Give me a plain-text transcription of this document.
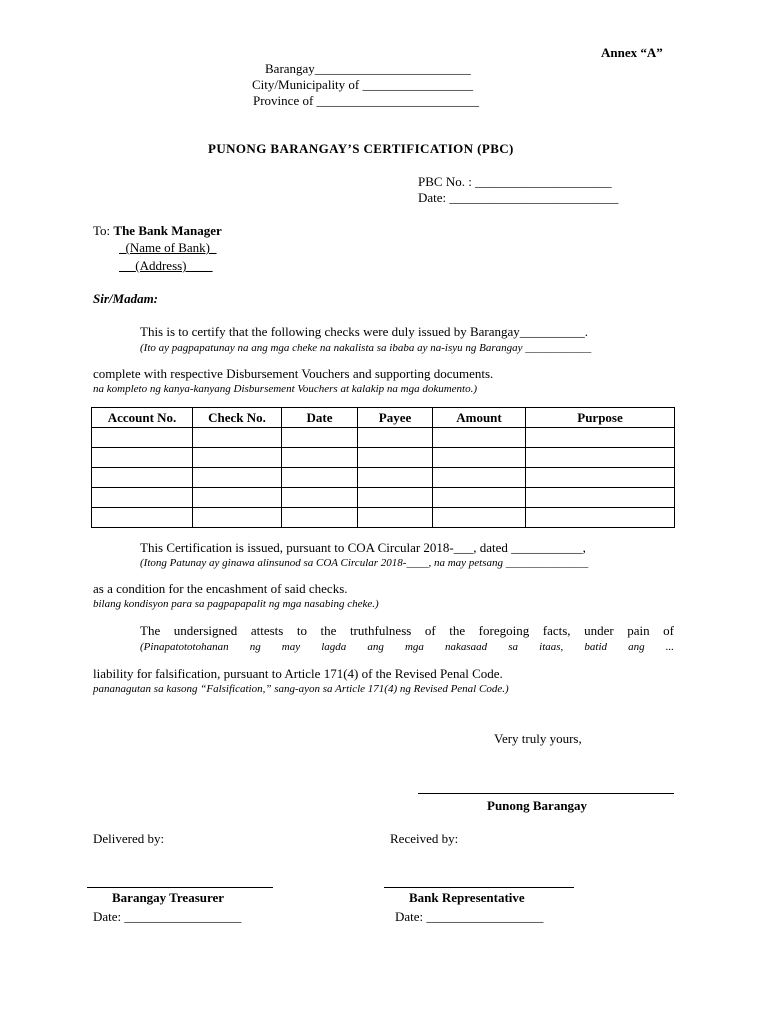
Annex “A”
Barangay________________________
City/Municipality of _________________
Province of _________________________
PUNONG BARANGAY’S CERTIFICATION (PBC)
PBC No. : _____________________
Date: __________________________
To: The Bank Manager
(Name of Bank)_
(Address)____
Sir/Madam:
This is to certify that the following checks were duly issued by Barangay__________.
(Ito ay pagpapatunay na ang mga cheke na nakalista sa ibaba ay na-isyu ng Barangay ____________
complete with respective Disbursement Vouchers and supporting documents.
na kompleto ng kanya-kanyang Disbursement Vouchers at kalakip na mga dokumento.)
Account No.	Check No.	Date	Payee	Amount	Purpose

This Certification is issued, pursuant to COA Circular 2018-___, dated ___________,
(Itong Patunay ay ginawa alinsunod sa COA Circular 2018-____, na may petsang _______________
as a condition for the encashment of said checks.
bilang kondisyon para sa pagpapapalit ng mga nasabing cheke.)
The undersigned attests to the truthfulness of the foregoing facts, under pain of
(Pinapatototohanan ng may lagda ang mga nakasaad sa itaas, batid ang ...
liability for falsification, pursuant to Article 171(4) of the Revised Penal Code.
pananagutan sa kasong “Falsification,” sang-ayon sa Article 171(4) ng Revised Penal Code.)
Very truly yours,
Punong Barangay
Delivered by:	Received by:
Barangay Treasurer
Date: __________________
Bank Representative
Date: __________________
